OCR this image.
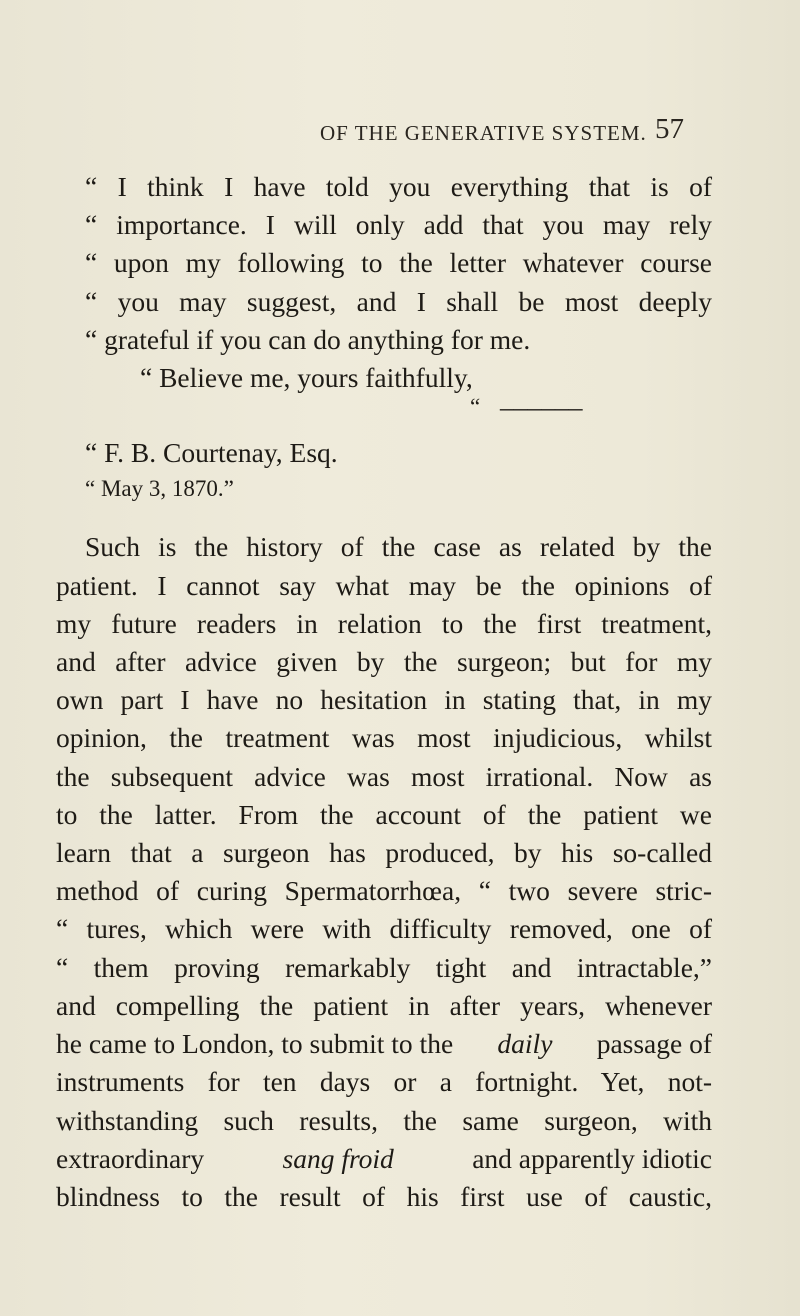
OF THE GENERATIVE SYSTEM. 57
“ I think I have told you everything that is of
“ importance. I will only add that you may rely
“ upon my following to the letter whatever course
“ you may suggest, and I shall be most deeply
“ grateful if you can do anything for me.
“ Believe me, yours faithfully,
“ ______
“ F. B. Courtenay, Esq.
“ May 3, 1870.”
Such is the history of the case as related by the
patient. I cannot say what may be the opinions of
my future readers in relation to the first treatment,
and after advice given by the surgeon; but for my
own part I have no hesitation in stating that, in my
opinion, the treatment was most injudicious, whilst
the subsequent advice was most irrational. Now as
to the latter. From the account of the patient we
learn that a surgeon has produced, by his so-called
method of curing Spermatorrhœa, “ two severe stric-
“ tures, which were with difficulty removed, one of
“ them proving remarkably tight and intractable,”
and compelling the patient in after years, whenever
he came to London, to submit to the daily passage of
instruments for ten days or a fortnight. Yet, not-
withstanding such results, the same surgeon, with
extraordinary	sang froid	and apparently idiotic
blindness to the result of his first use of caustic,
